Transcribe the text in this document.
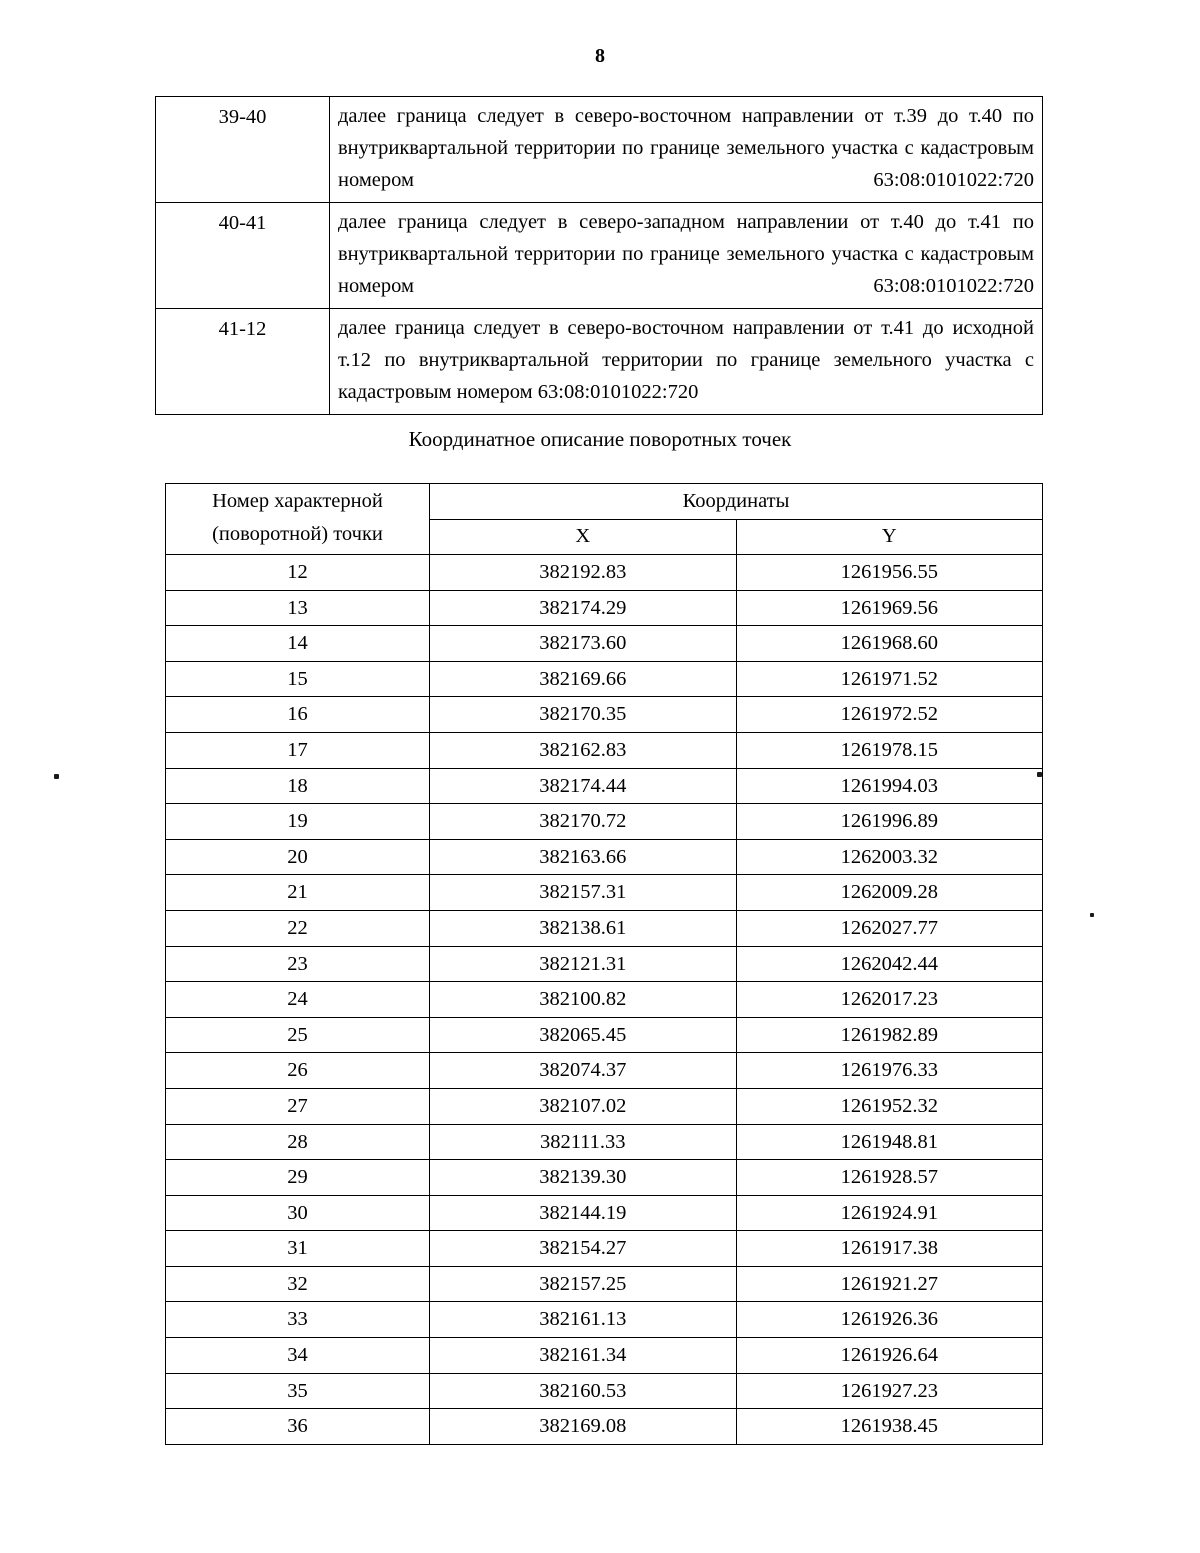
8
39-40	далее граница следует в северо-восточном направлении от т.39 до т.40 по внутриквартальной территории по границе земельного участка с кадастровым номером 63:08:0101022:720
40-41	далее граница следует в северо-западном направлении от т.40 до т.41 по внутриквартальной территории по границе земельного участка с кадастровым номером 63:08:0101022:720
41-12	далее граница следует в северо-восточном направлении от т.41 до исходной т.12 по внутриквартальной территории по границе земельного участка с кадастровым номером 63:08:0101022:720
Координатное описание поворотных точек
Номер характерной
(поворотной) точки	Координаты	
	X	Y
12	382192.83	1261956.55
13	382174.29	1261969.56
14	382173.60	1261968.60
15	382169.66	1261971.52
16	382170.35	1261972.52
17	382162.83	1261978.15
18	382174.44	1261994.03
19	382170.72	1261996.89
20	382163.66	1262003.32
21	382157.31	1262009.28
22	382138.61	1262027.77
23	382121.31	1262042.44
24	382100.82	1262017.23
25	382065.45	1261982.89
26	382074.37	1261976.33
27	382107.02	1261952.32
28	382111.33	1261948.81
29	382139.30	1261928.57
30	382144.19	1261924.91
31	382154.27	1261917.38
32	382157.25	1261921.27
33	382161.13	1261926.36
34	382161.34	1261926.64
35	382160.53	1261927.23
36	382169.08	1261938.45
